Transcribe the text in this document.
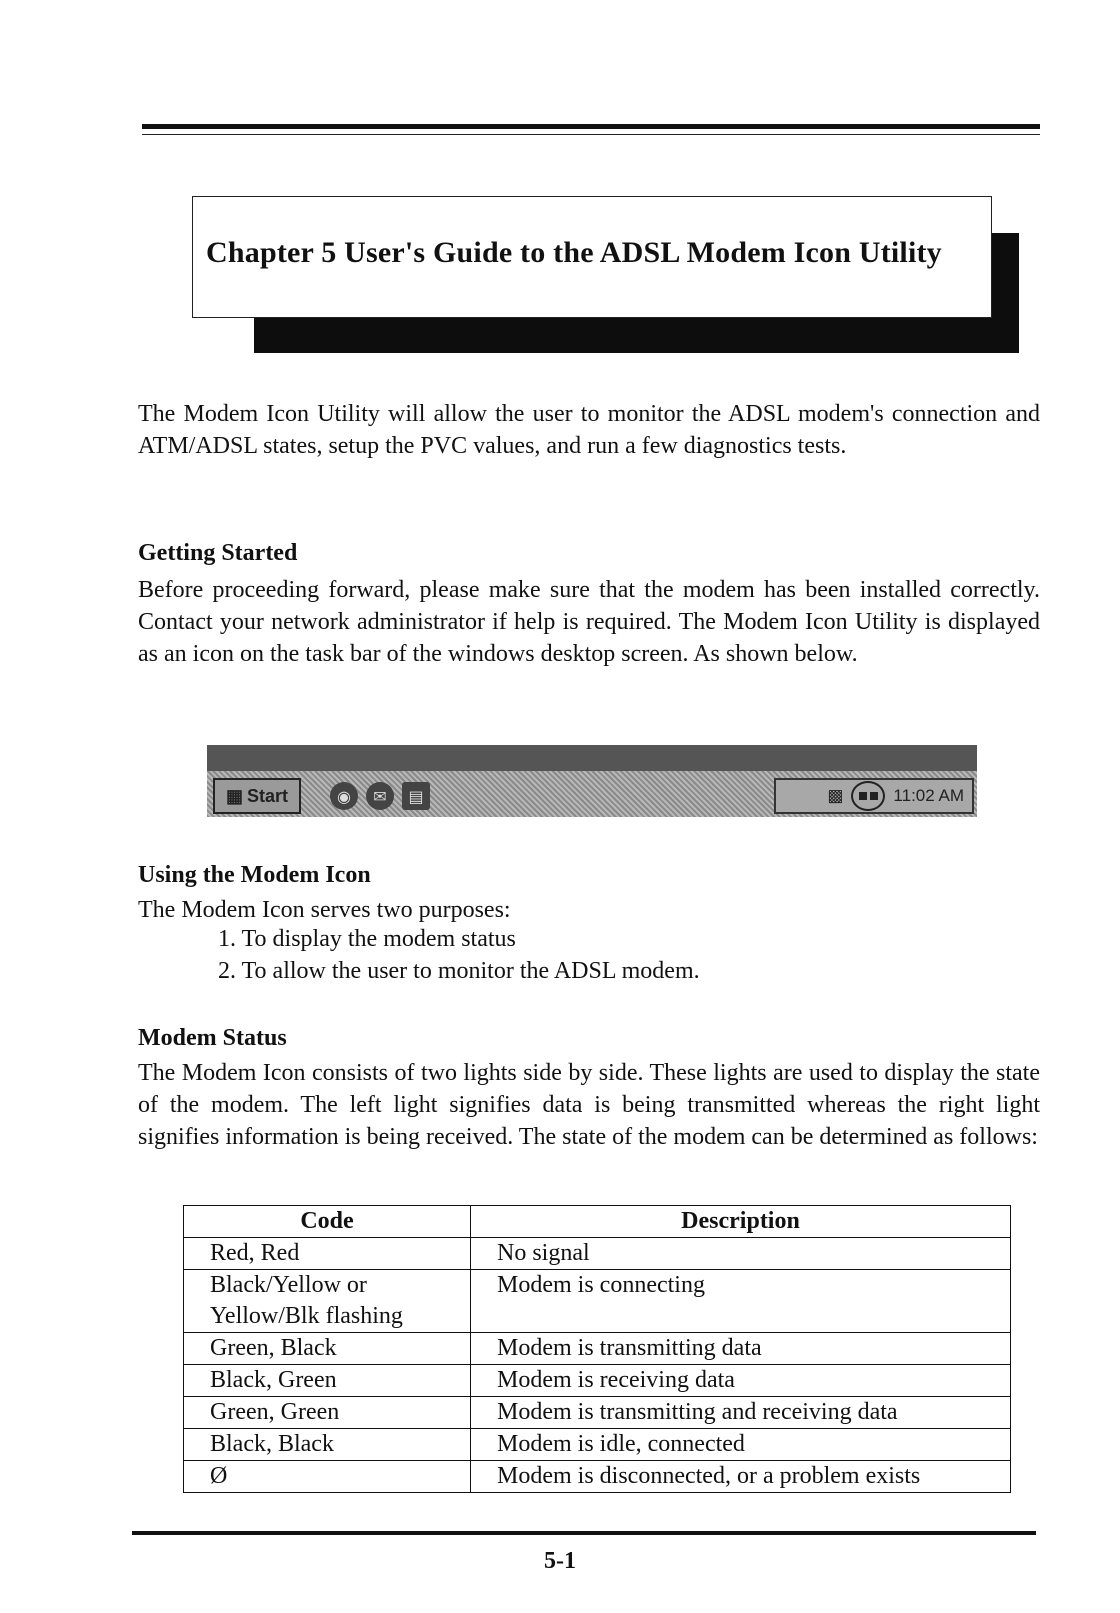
Chapter 5 User's Guide to the ADSL Modem Icon Utility
The Modem Icon Utility will allow the user to monitor the ADSL modem's connection and ATM/ADSL states, setup the PVC values, and run a few diagnostics tests.
Getting Started
Before proceeding forward, please make sure that the modem has been installed correctly. Contact your network administrator if help is required. The Modem Icon Utility is displayed as an icon on the task bar of the windows desktop screen. As shown below.
▦ Start	◉	✉	▤	▩	11:02 AM
Using the Modem Icon
The Modem Icon serves two purposes:
1. To display the modem status
2. To allow the user to monitor the ADSL modem.
Modem Status
The Modem Icon consists of two lights side by side. These lights are used to display the state of the modem. The left light signifies data is being transmitted whereas the right light signifies information is being received. The state of the modem can be determined as follows:
Code	Description
Red, Red	No signal
Black/Yellow or Yellow/Blk flashing	Modem is connecting
Green, Black	Modem is transmitting data
Black, Green	Modem is receiving data
Green, Green	Modem is transmitting and receiving data
Black, Black	Modem is idle, connected
Ø	Modem is disconnected, or a problem exists
5-1
